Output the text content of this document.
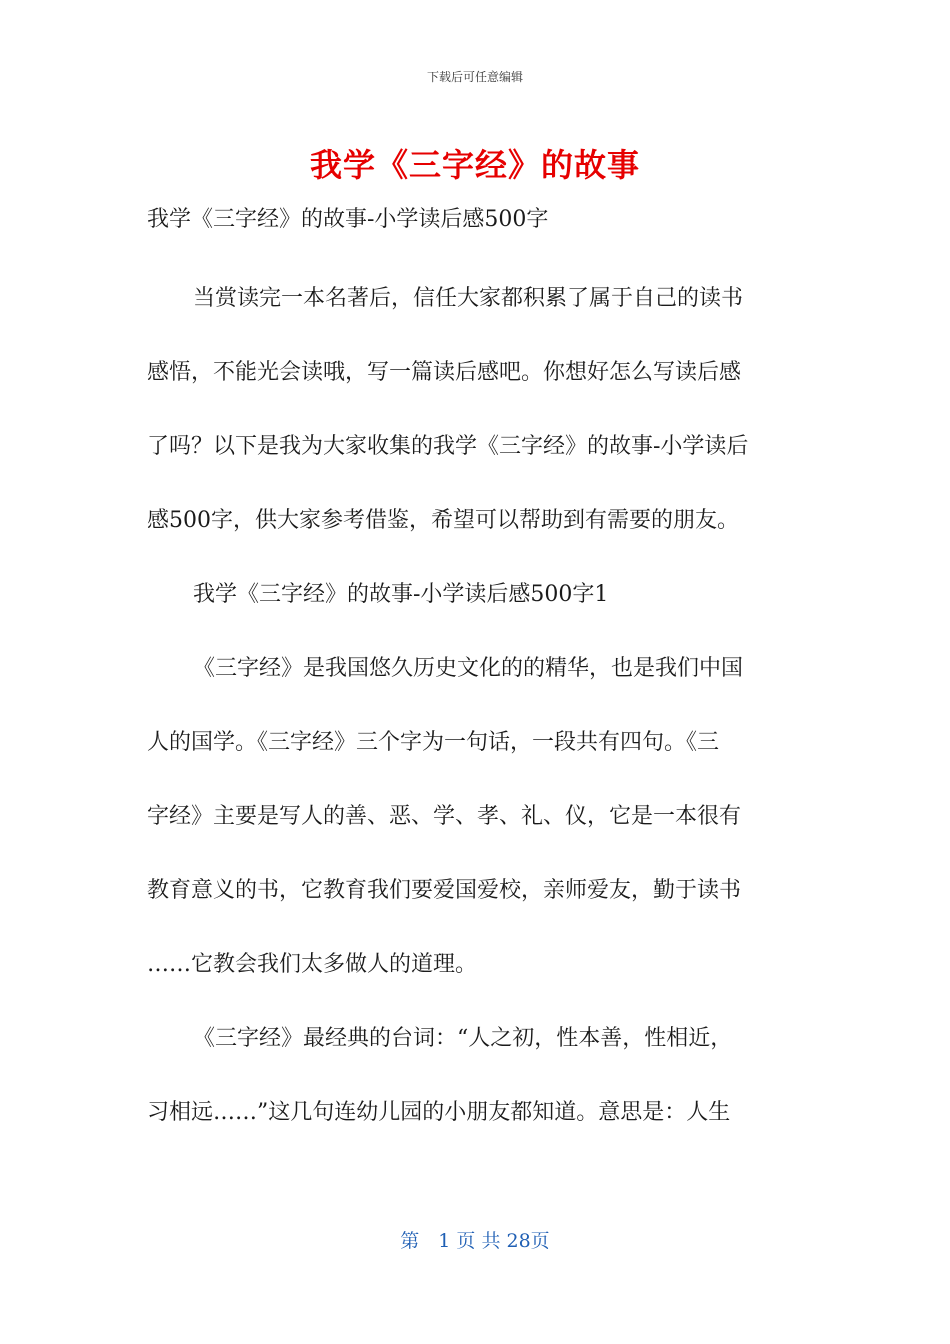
下载后可任意编辑
我学《三字经》的故事

我学《三字经》的故事-小学读后感500字

当赏读完一本名著后，信任大家都积累了属于自己的读书
感悟，不能光会读哦，写一篇读后感吧。你想好怎么写读后感
了吗？以下是我为大家收集的我学《三字经》的故事-小学读后
感500字，供大家参考借鉴，希望可以帮助到有需要的朋友。

我学《三字经》的故事-小学读后感500字1

《三字经》是我国悠久历史文化的的精华，也是我们中国
人的国学。《三字经》三个字为一句话，一段共有四句。《三
字经》主要是写人的善、恶、学、孝、礼、仪，它是一本很有
教育意义的书，它教育我们要爱国爱校，亲师爱友，勤于读书
……它教会我们太多做人的道理。

《三字经》最经典的台词：“人之初，性本善，性相近，
习相远……”这几句连幼儿园的小朋友都知道。意思是：人生

第　1 页 共 28页
